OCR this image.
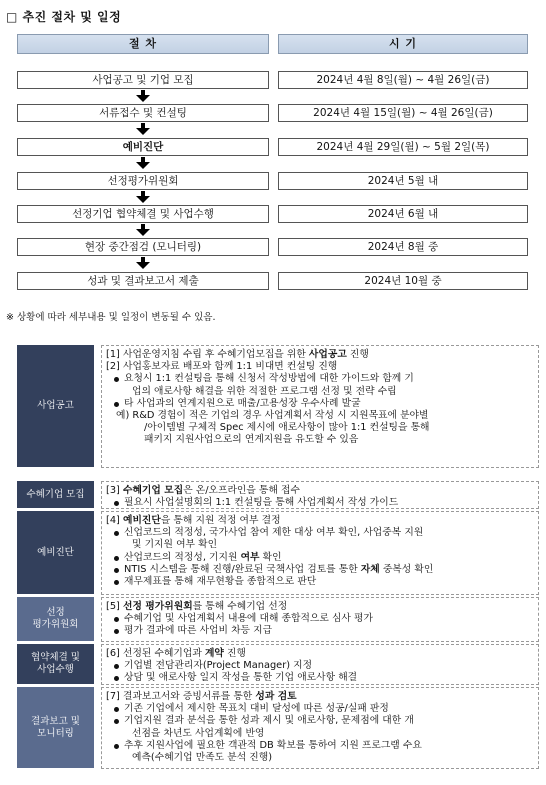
□ 추진 절차 및 일정
절 차	시 기
사업공고 및 기업 모집	2024년 4월 8일(월) ~ 4월 26일(금)
서류접수 및 컨설팅	2024년 4월 15일(월) ~ 4월 26일(금)
예비진단	2024년 4월 29일(월) ~ 5월 2일(목)
선정평가위원회	2024년 5월 내
선정기업 협약체결 및 사업수행	2024년 6월 내
현장 중간점검 (모니터링)	2024년 8월 중
성과 및 결과보고서 제출	2024년 10월 중
※ 상황에 따라 세부내용 및 일정이 변동될 수 있음.
사업공고
[1] 사업운영지침 수립 후 수혜기업모집을 위한 사업공고 진행
[2] 사업홍보자료 배포와 함께 1:1 비대면 컨설팅 진행
요청시 1:1 컨설팅을 통해 신청서 작성방법에 대한 가이드와 함께 기
업의 애로사항 해결을 위한 적절한 프로그램 선정 및 전략 수립
타 사업과의 연계지원으로 매출/고용성장 우수사례 발굴
예) R&D 경험이 적은 기업의 경우 사업계획서 작성 시 지원목표에 분야별
/아이템별 구체적 Spec 제시에 애로사항이 많아 1:1 컨설팅을 통해
패키지 지원사업으로의 연계지원을 유도할 수 있음
수혜기업 모집 [3] 수혜기업 모집은 온/오프라인을 통해 접수
필요시 사업설명회의 1:1 컨설팅을 통해 사업계획서 작성 가이드
예비진단
[4] 예비진단을 통해 지원 적정 여부 결정
신업코드의 적정성, 국가사업 참여 제한 대상 여부 확인, 사업중복 지원
및 기지원 여부 확인
산업코드의 적정성, 기지원 여부 확인
NTIS 시스템을 통해 진행/완료된 국책사업 검토를 통한 자체 중복성 확인
재무제표를 통해 재무현황을 종합적으로 판단
선정
평가위원회
[5] 선정 평가위원회를 통해 수혜기업 선정
수혜기업 및 사업계획서 내용에 대해 종합적으로 심사 평가
평가 결과에 따른 사업비 차등 지급
협약체결 및
사업수행
[6] 선정된 수혜기업과 계약 진행
기업별 전담관리자(Project Manager) 지정
상담 및 애로사항 일지 작성을 통한 기업 애로사항 해결
결과보고 및
모니터링
[7] 결과보고서와 증빙서류를 통한 성과 검토
기존 기업에서 제시한 목표치 대비 달성에 따른 성공/실패 판정
기업지원 결과 분석을 통한 성과 제시 및 애로사항, 문제점에 대한 개
선점을 차년도 사업계획에 반영
추후 지원사업에 필요한 객관적 DB 확보를 통하여 지원 프로그램 수요
예측(수혜기업 만족도 분석 진행)
